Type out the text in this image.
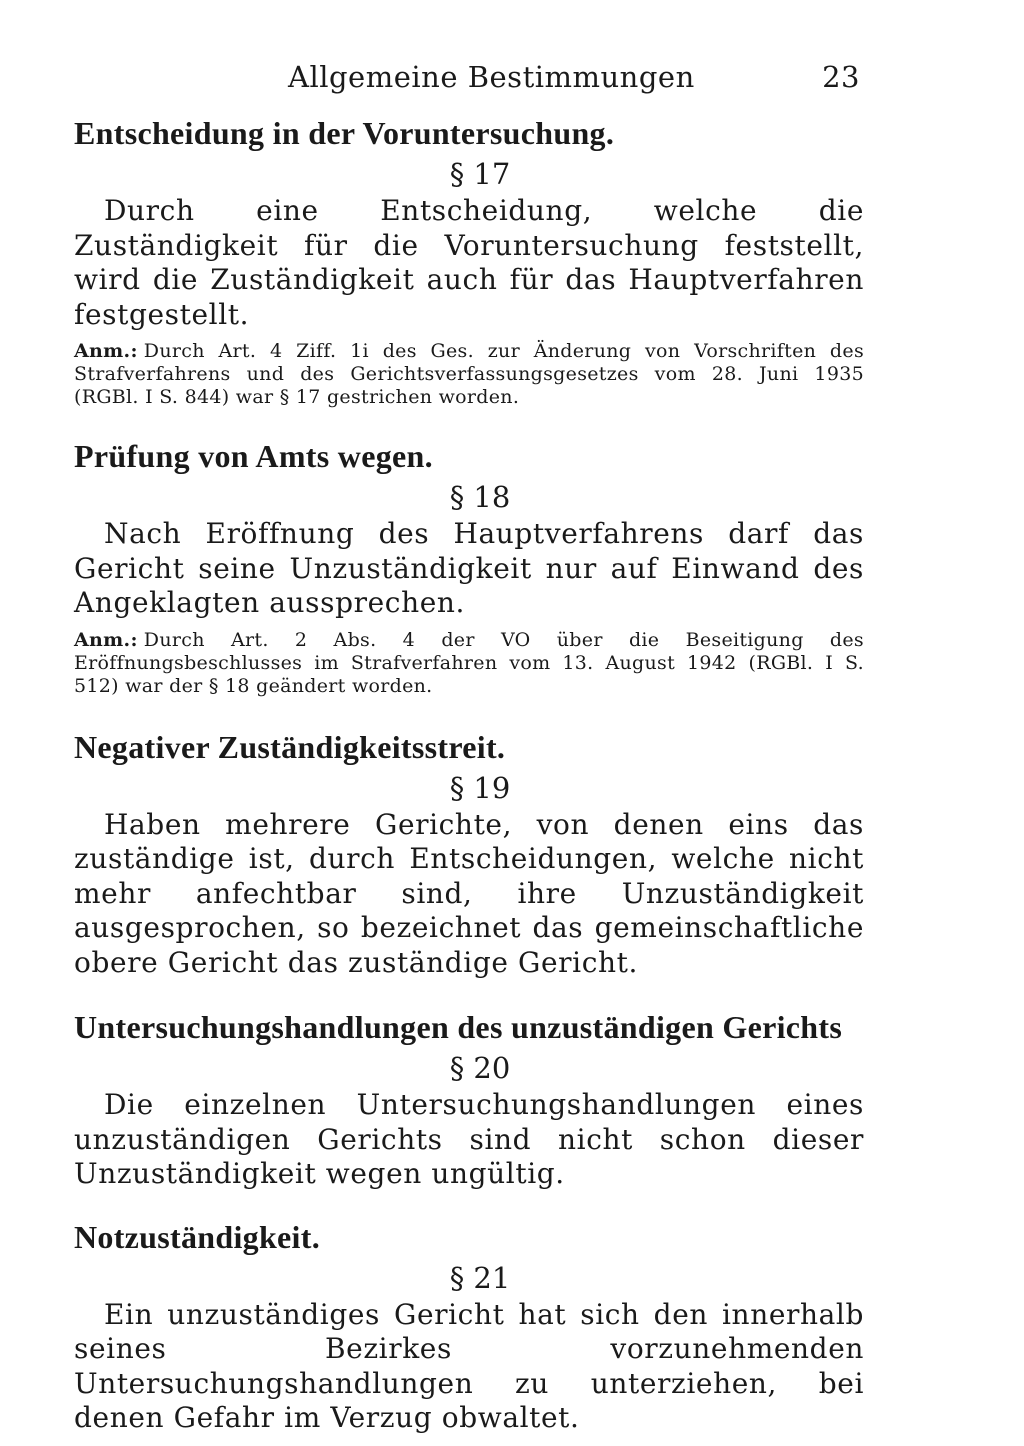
Allgemeine Bestimmungen	23
Entscheidung in der Voruntersuchung.

§ 17

Durch eine Entscheidung, welche die Zuständigkeit für die Voruntersuchung feststellt, wird die Zuständigkeit auch für das Hauptverfahren festgestellt.

Anm.: Durch Art. 4 Ziff. 1i des Ges. zur Änderung von Vorschriften des Strafverfahrens und des Gerichtsverfassungsgesetzes vom 28. Juni 1935 (RGBl. I S. 844) war § 17 gestrichen worden.

Prüfung von Amts wegen.

§ 18

Nach Eröffnung des Hauptverfahrens darf das Gericht seine Unzuständigkeit nur auf Einwand des Angeklagten aussprechen.

Anm.: Durch Art. 2 Abs. 4 der VO über die Beseitigung des Eröffnungsbeschlusses im Strafverfahren vom 13. August 1942 (RGBl. I S. 512) war der § 18 geändert worden.

Negativer Zuständigkeitsstreit.

§ 19

Haben mehrere Gerichte, von denen eins das zuständige ist, durch Entscheidungen, welche nicht mehr anfechtbar sind, ihre Unzuständigkeit ausgesprochen, so bezeichnet das gemeinschaftliche obere Gericht das zuständige Gericht.

Untersuchungshandlungen des unzuständigen Gerichts

§ 20

Die einzelnen Untersuchungshandlungen eines unzuständigen Gerichts sind nicht schon dieser Unzuständigkeit wegen ungültig.

Notzuständigkeit.

§ 21

Ein unzuständiges Gericht hat sich den innerhalb seines Bezirkes vorzunehmenden Untersuchungshandlungen zu unterziehen, bei denen Gefahr im Verzug obwaltet.
